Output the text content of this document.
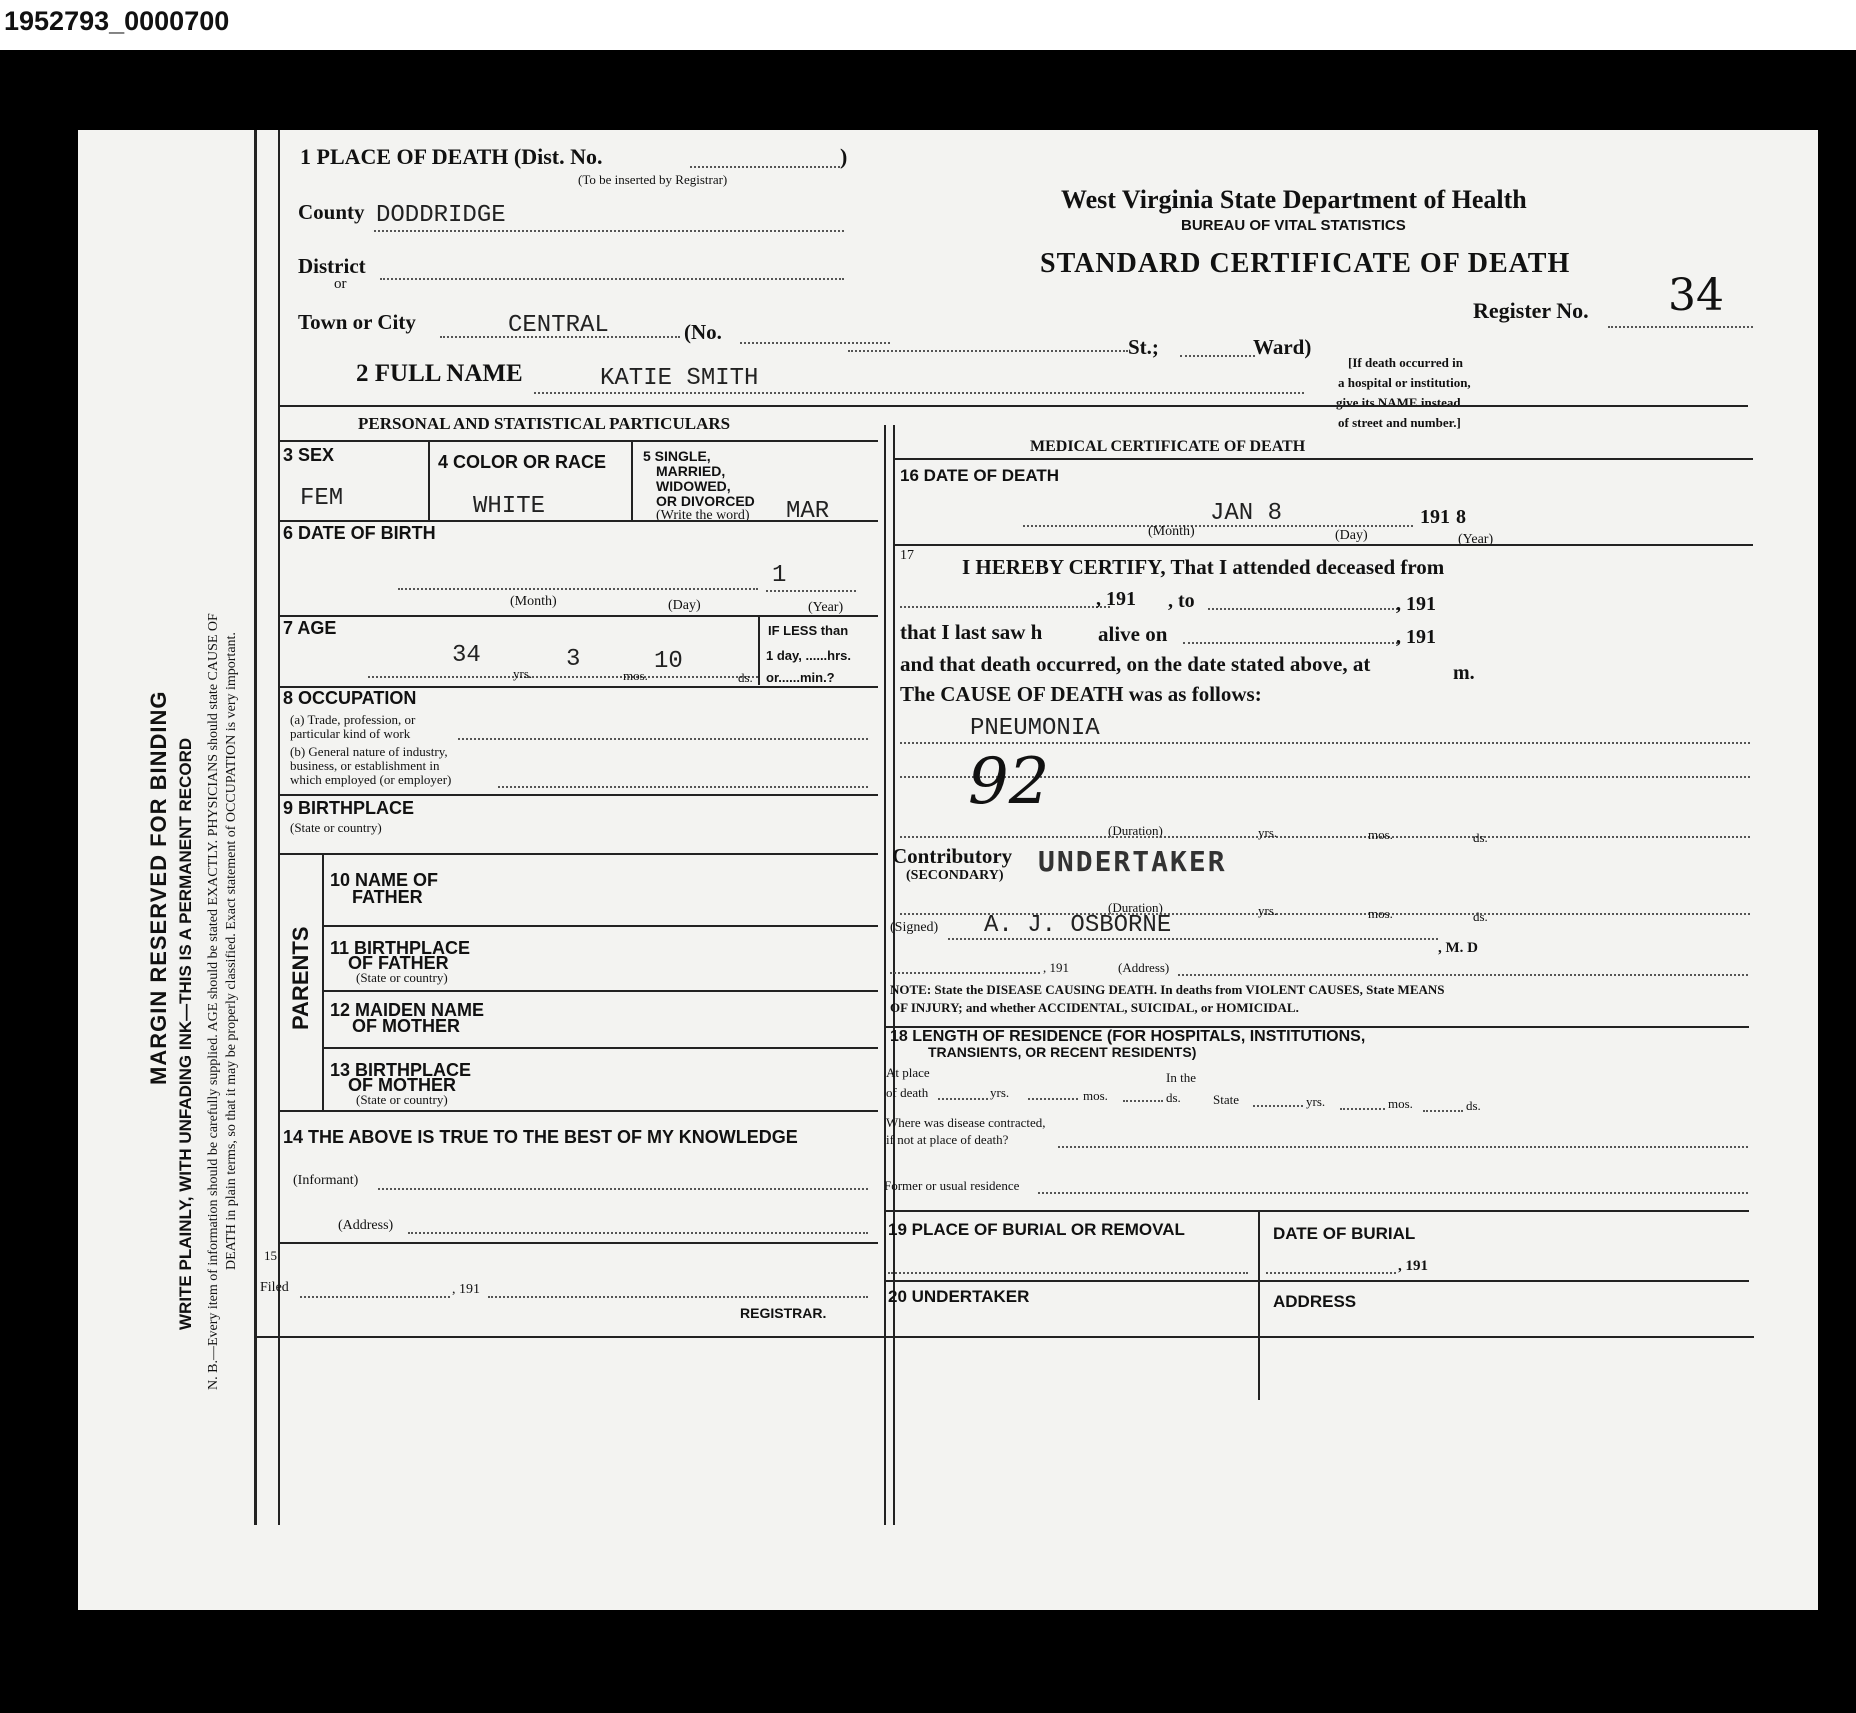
1952793_0000700
MARGIN RESERVED FOR BINDING WRITE PLAINLY, WITH UNFADING INK—THIS IS A PERMANENT RECORD N. B.—Every item of information should be carefully supplied. AGE should be stated EXACTLY. PHYSICIANS should state CAUSE OF DEATH in plain terms, so that it may be properly classified. Exact statement of OCCUPATION is very important.
West Virginia State Department of Health
BUREAU OF VITAL STATISTICS
STANDARD CERTIFICATE OF DEATH
Register No. 34
1 PLACE OF DEATH (Dist. No.	)
(To be inserted by Registrar)
County DODDRIDGE
District
or
Town or City	CENTRAL	(No.
St.;	Ward)
[If death occurred in
a hospital or institution,
give its NAME instead
of street and number.]
2 FULL NAME	KATIE SMITH
PERSONAL AND STATISTICAL PARTICULARS
3 SEX
FEM
4 COLOR OR RACE
WHITE
5 SINGLE,
MARRIED,
WIDOWED,
OR DIVORCED
(Write the word) MAR
6 DATE OF BIRTH
1
(Month)	(Day)	(Year)
7 AGE
34	3	10
yrs.	mos.	ds.
IF LESS than
1 day, ......hrs.
or......min.?
8 OCCUPATION
(a) Trade, profession, or
particular kind of work
(b) General nature of industry,
business, or establishment in
which employed (or employer)
9 BIRTHPLACE
(State or country)
PARENTS
10 NAME OF
FATHER
11 BIRTHPLACE
OF FATHER
(State or country)
12 MAIDEN NAME
OF MOTHER
13 BIRTHPLACE
OF MOTHER
(State or country)
14 THE ABOVE IS TRUE TO THE BEST OF MY KNOWLEDGE
(Informant)
(Address)
15
Filed	, 191
REGISTRAR.
MEDICAL CERTIFICATE OF DEATH
16 DATE OF DEATH
JAN 8	191 8
(Month)	(Day)	(Year)
17 I HEREBY CERTIFY, That I attended deceased from
, 191 , to	, 191
that I last saw h	alive on	, 191
and that death occurred, on the date stated above, at	m.
The CAUSE OF DEATH was as follows:
PNEUMONIA
92
(Duration)	yrs.	mos.	ds.
Contributory
(SECONDARY) UNDERTAKER
(Duration)	yrs.	mos.	ds.
(Signed) A. J. OSBORNE
, M. D
, 191	(Address)
NOTE: State the DISEASE CAUSING DEATH. In deaths from VIOLENT CAUSES, State MEANS
OF INJURY; and whether ACCIDENTAL, SUICIDAL, or HOMICIDAL.
18 LENGTH OF RESIDENCE (FOR HOSPITALS, INSTITUTIONS,
TRANSIENTS, OR RECENT RESIDENTS)
At place
of death	yrs.	mos.	ds.
In the
State	yrs.	mos.	ds.
Where was disease contracted,
if not at place of death?
Former or usual residence
19 PLACE OF BURIAL OR REMOVAL	DATE OF BURIAL
, 191
20 UNDERTAKER	ADDRESS
